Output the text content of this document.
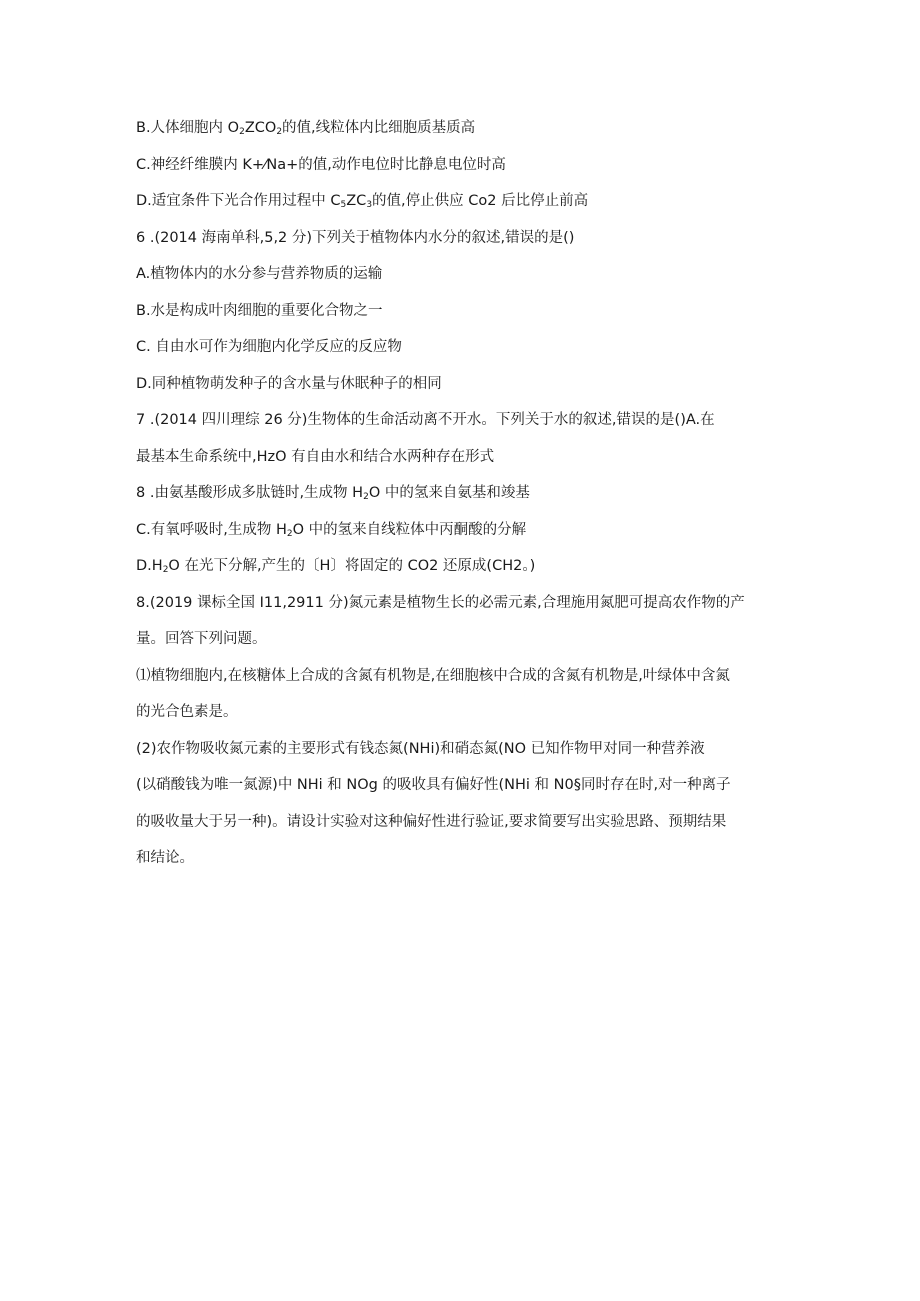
B.人体细胞内 $O_2ZCO_2$的值,线粒体内比细胞质基质高
C.神经纤维膜内 K+⁄Na+的值,动作电位时比静息电位时高
D.适宜条件下光合作用过程中 $C_5ZC_3$的值,停止供应 Co2 后比停止前高
6 .(2014 海南单科,5,2 分)下列关于植物体内水分的叙述,错误的是()
A.植物体内的水分参与营养物质的运输
B.水是构成叶肉细胞的重要化合物之一
C. 自由水可作为细胞内化学反应的反应物
D.同种植物萌发种子的含水量与休眠种子的相同
7 .(2014 四川理综 26 分)生物体的生命活动离不开水。下列关于水的叙述,错误的是()A.在
最基本生命系统中,HzO 有自由水和结合水两种存在形式
8 .由氨基酸形成多肽链时,生成物 $H_2O$ 中的氢来自氨基和竣基
C.有氧呼吸时,生成物 $H_2O$ 中的氢来自线粒体中丙酮酸的分解
$D.H_2O$ 在光下分解,产生的〔H〕将固定的 CO2 还原成(CH2。)
8.(2019 课标全国 I11,2911 分)氮元素是植物生长的必需元素,合理施用氮肥可提高农作物的产
量。回答下列问题。
⑴植物细胞内,在核糖体上合成的含氮有机物是,在细胞核中合成的含氮有机物是,叶绿体中含氮
的光合色素是。
(2)农作物吸收氮元素的主要形式有钱态氮(NHi)和硝态氮(NO 已知作物甲对同一种营养液
(以硝酸钱为唯一氮源)中 NHi 和 NOg 的吸收具有偏好性(NHi 和 N0§同时存在时,对一种离子
的吸收量大于另一种)。请设计实验对这种偏好性进行验证,要求简要写出实验思路、预期结果
和结论。
